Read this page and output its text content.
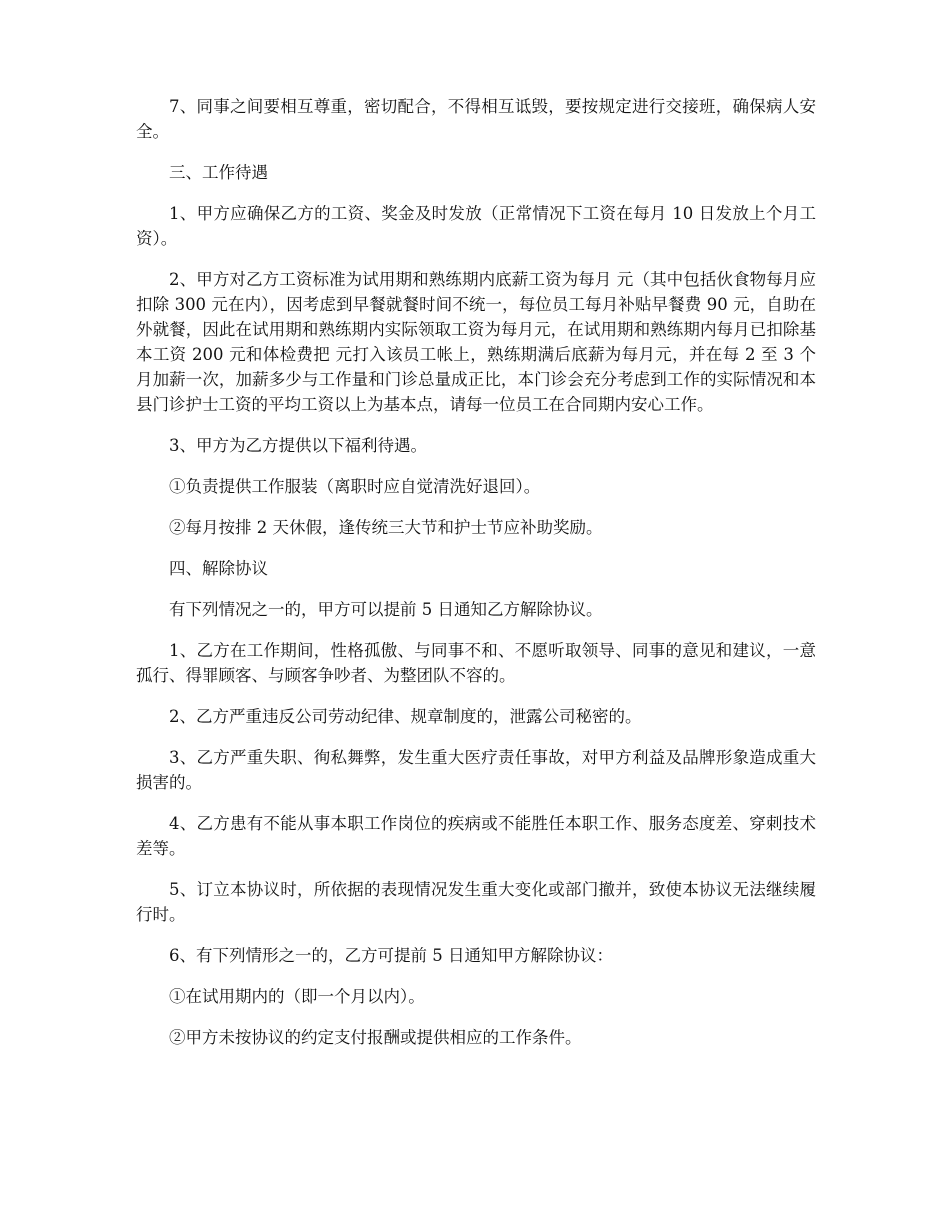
7、同事之间要相互尊重，密切配合，不得相互诋毁，要按规定进行交接班，确保病人安全。

三、工作待遇

1、甲方应确保乙方的工资、奖金及时发放（正常情况下工资在每月 10 日发放上个月工资）。

2、甲方对乙方工资标准为试用期和熟练期内底薪工资为每月 元（其中包括伙食物每月应扣除 300 元在内），因考虑到早餐就餐时间不统一，每位员工每月补贴早餐费 90 元，自助在外就餐，因此在试用期和熟练期内实际领取工资为每月元，在试用期和熟练期内每月已扣除基本工资 200 元和体检费把 元打入该员工帐上，熟练期满后底薪为每月元，并在每 2 至 3 个月加薪一次，加薪多少与工作量和门诊总量成正比，本门诊会充分考虑到工作的实际情况和本县门诊护士工资的平均工资以上为基本点，请每一位员工在合同期内安心工作。

3、甲方为乙方提供以下福利待遇。

①负责提供工作服装（离职时应自觉清洗好退回）。

②每月按排 2 天休假，逢传统三大节和护士节应补助奖励。

四、解除协议

有下列情况之一的，甲方可以提前 5 日通知乙方解除协议。

1、乙方在工作期间，性格孤傲、与同事不和、不愿听取领导、同事的意见和建议，一意孤行、得罪顾客、与顾客争吵者、为整团队不容的。

2、乙方严重违反公司劳动纪律、规章制度的，泄露公司秘密的。

3、乙方严重失职、徇私舞弊，发生重大医疗责任事故，对甲方利益及品牌形象造成重大损害的。

4、乙方患有不能从事本职工作岗位的疾病或不能胜任本职工作、服务态度差、穿刺技术差等。

5、订立本协议时，所依据的表现情况发生重大变化或部门撤并，致使本协议无法继续履行时。

6、有下列情形之一的，乙方可提前 5 日通知甲方解除协议：

①在试用期内的（即一个月以内）。

②甲方未按协议的约定支付报酬或提供相应的工作条件。
